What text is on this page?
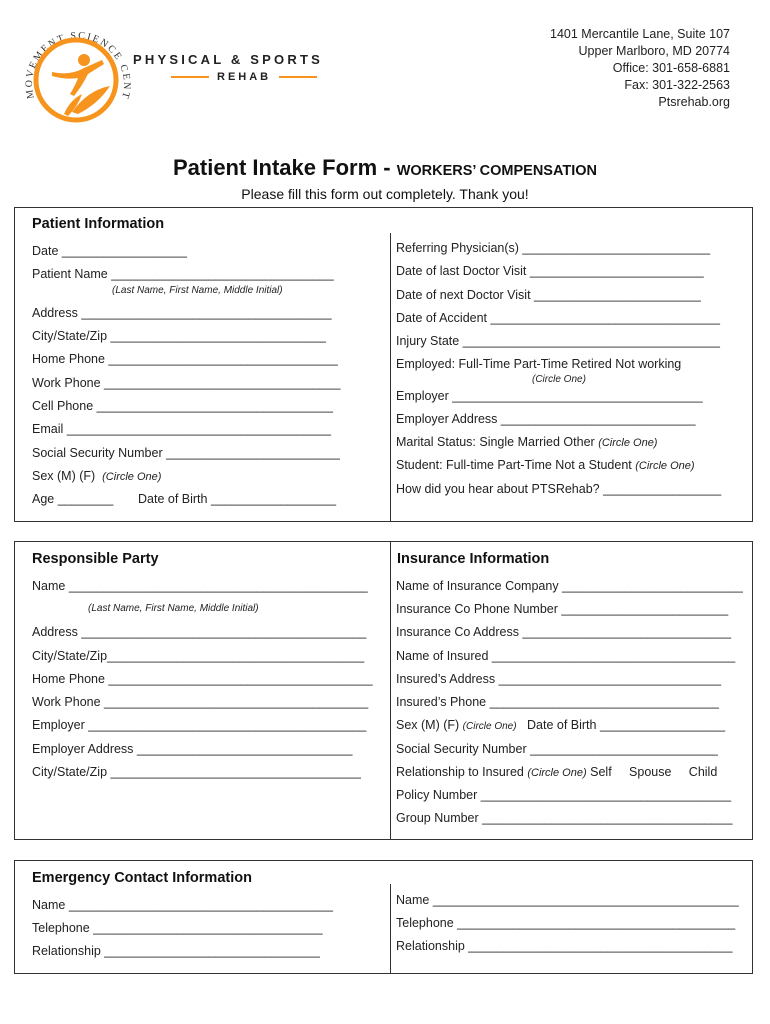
MOVEMENT SCIENCE CENT
PHYSICAL & SPORTS
REHAB
1401 Mercantile Lane, Suite 107
Upper Marlboro, MD 20774
Office: 301-658-6881
Fax: 301-322-2563
Ptsrehab.org
Patient Intake Form - WORKERS’ COMPENSATION
Please fill this form out completely. Thank you!
Patient Information
Date __________________
Patient Name ________________________________
(Last Name, First Name, Middle Initial)
Address ____________________________________
City/State/Zip _______________________________
Home Phone _________________________________
Work Phone __________________________________
Cell Phone __________________________________
Email ______________________________________
Social Security Number _________________________
Sex (M) (F) (Circle One)
Age ________ Date of Birth __________________
Referring Physician(s) ___________________________
Date of last Doctor Visit _________________________
Date of next Doctor Visit ________________________
Date of Accident _________________________________
Injury State _____________________________________
Employed: Full-Time Part-Time Retired Not working
(Circle One)
Employer ____________________________________
Employer Address ____________________________
Marital Status: Single Married Other (Circle One)
Student: Full-time Part-Time Not a Student (Circle One)
How did you hear about PTSRehab? _________________
Responsible Party	Insurance Information
Name ___________________________________________
(Last Name, First Name, Middle Initial)
Address _________________________________________
City/State/Zip_____________________________________
Home Phone ______________________________________
Work Phone ______________________________________
Employer ________________________________________
Employer Address _______________________________
City/State/Zip ____________________________________
Name of Insurance Company __________________________
Insurance Co Phone Number ________________________
Insurance Co Address ______________________________
Name of Insured ___________________________________
Insured’s Address ________________________________
Insured’s Phone _________________________________
Sex (M) (F) (Circle One) Date of Birth __________________
Social Security Number ___________________________
Relationship to Insured (Circle One) Self     Spouse     Child
Policy Number ____________________________________
Group Number ____________________________________
Emergency Contact Information
Name ______________________________________
Telephone _________________________________
Relationship _______________________________
Name ____________________________________________
Telephone ________________________________________
Relationship ______________________________________
